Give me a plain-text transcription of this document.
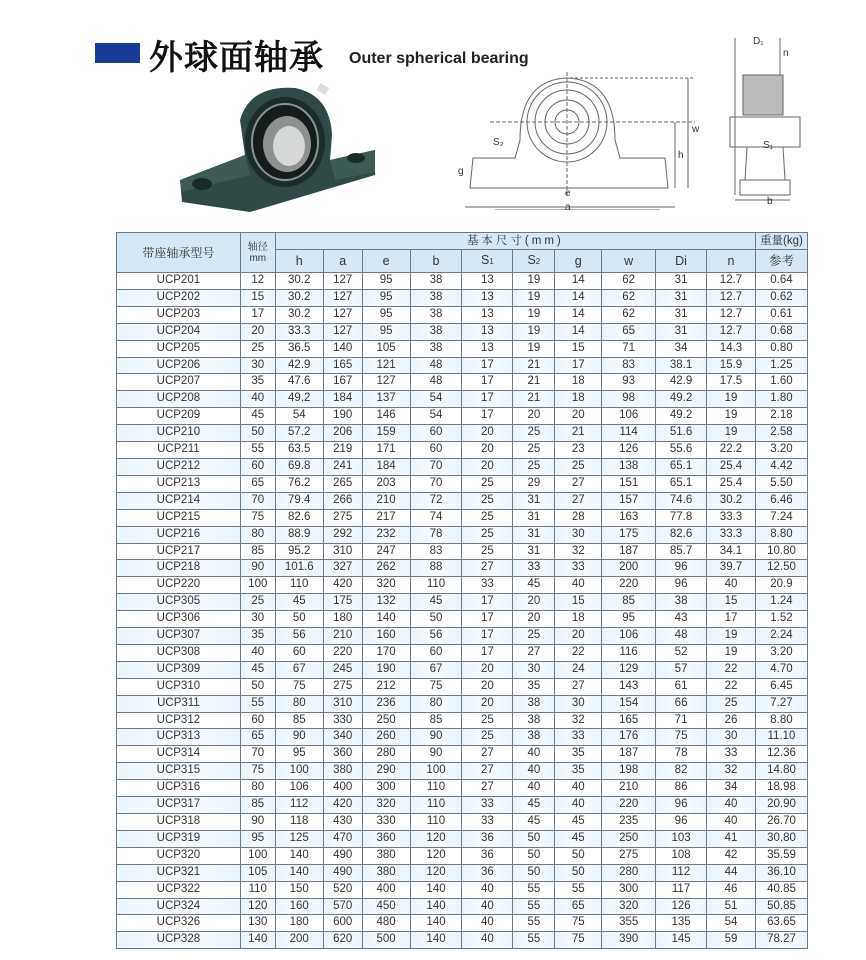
外球面轴承 Outer spherical bearing
w
h
S₂
g
e
a
D₁
n
S₁
b
带座轴承型号	轴径
mm	基本尺寸(mm)										重量(kg)
		h	a	e	b	S1	S2	g	w	Di	n	参考
UCP201	12	30.2	127	95	38	13	19	14	62	31	12.7	0.64
UCP202	15	30.2	127	95	38	13	19	14	62	31	12.7	0.62
UCP203	17	30.2	127	95	38	13	19	14	62	31	12.7	0.61
UCP204	20	33.3	127	95	38	13	19	14	65	31	12.7	0.68
UCP205	25	36.5	140	105	38	13	19	15	71	34	14.3	0.80
UCP206	30	42.9	165	121	48	17	21	17	83	38.1	15.9	1.25
UCP207	35	47.6	167	127	48	17	21	18	93	42.9	17.5	1.60
UCP208	40	49.2	184	137	54	17	21	18	98	49.2	19	1.80
UCP209	45	54	190	146	54	17	20	20	106	49.2	19	2.18
UCP210	50	57.2	206	159	60	20	25	21	114	51.6	19	2.58
UCP211	55	63.5	219	171	60	20	25	23	126	55.6	22.2	3.20
UCP212	60	69.8	241	184	70	20	25	25	138	65.1	25.4	4.42
UCP213	65	76.2	265	203	70	25	29	27	151	65.1	25.4	5.50
UCP214	70	79.4	266	210	72	25	31	27	157	74.6	30.2	6.46
UCP215	75	82.6	275	217	74	25	31	28	163	77.8	33.3	7.24
UCP216	80	88.9	292	232	78	25	31	30	175	82.6	33.3	8.80
UCP217	85	95.2	310	247	83	25	31	32	187	85.7	34.1	10.80
UCP218	90	101.6	327	262	88	27	33	33	200	96	39.7	12.50
UCP220	100	110	420	320	110	33	45	40	220	96	40	20.9
UCP305	25	45	175	132	45	17	20	15	85	38	15	1.24
UCP306	30	50	180	140	50	17	20	18	95	43	17	1.52
UCP307	35	56	210	160	56	17	25	20	106	48	19	2.24
UCP308	40	60	220	170	60	17	27	22	116	52	19	3.20
UCP309	45	67	245	190	67	20	30	24	129	57	22	4.70
UCP310	50	75	275	212	75	20	35	27	143	61	22	6.45
UCP311	55	80	310	236	80	20	38	30	154	66	25	7.27
UCP312	60	85	330	250	85	25	38	32	165	71	26	8.80
UCP313	65	90	340	260	90	25	38	33	176	75	30	11.10
UCP314	70	95	360	280	90	27	40	35	187	78	33	12.36
UCP315	75	100	380	290	100	27	40	35	198	82	32	14.80
UCP316	80	106	400	300	110	27	40	40	210	86	34	18.98
UCP317	85	112	420	320	110	33	45	40	220	96	40	20.90
UCP318	90	118	430	330	110	33	45	45	235	96	40	26.70
UCP319	95	125	470	360	120	36	50	45	250	103	41	30.80
UCP320	100	140	490	380	120	36	50	50	275	108	42	35.59
UCP321	105	140	490	380	120	36	50	50	280	112	44	36.10
UCP322	110	150	520	400	140	40	55	55	300	117	46	40.85
UCP324	120	160	570	450	140	40	55	65	320	126	51	50.85
UCP326	130	180	600	480	140	40	55	75	355	135	54	63.65
UCP328	140	200	620	500	140	40	55	75	390	145	59	78.27
